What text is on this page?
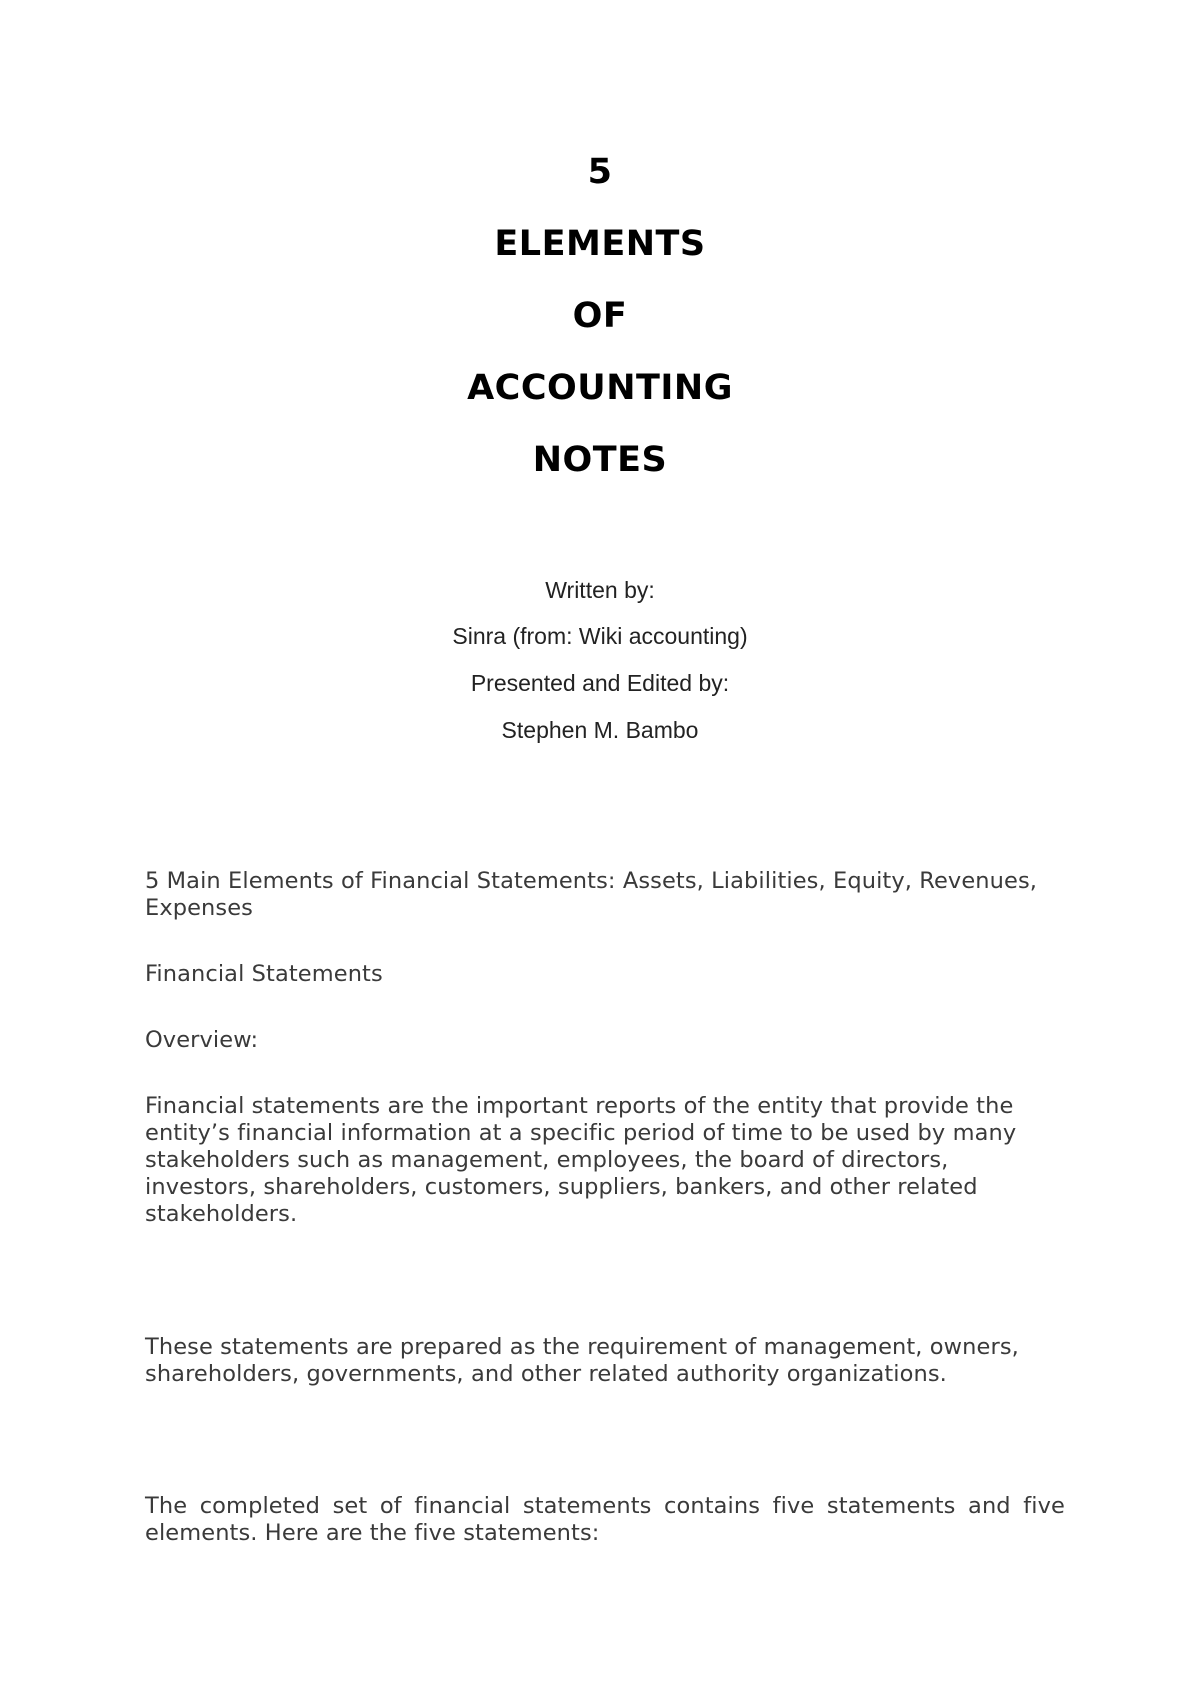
5
ELEMENTS
OF
ACCOUNTING
NOTES
Written by:
Sinra (from: Wiki accounting)
Presented and Edited by:
Stephen M. Bambo
5 Main Elements of Financial Statements: Assets, Liabilities, Equity, Revenues, Expenses
Financial Statements
Overview:
Financial statements are the important reports of the entity that provide the entity’s financial information at a specific period of time to be used by many stakeholders such as management, employees, the board of directors, investors, shareholders, customers, suppliers, bankers, and other related stakeholders.
These statements are prepared as the requirement of management, owners, shareholders, governments, and other related authority organizations.
The completed set of financial statements contains five statements and five elements. Here are the five statements:
